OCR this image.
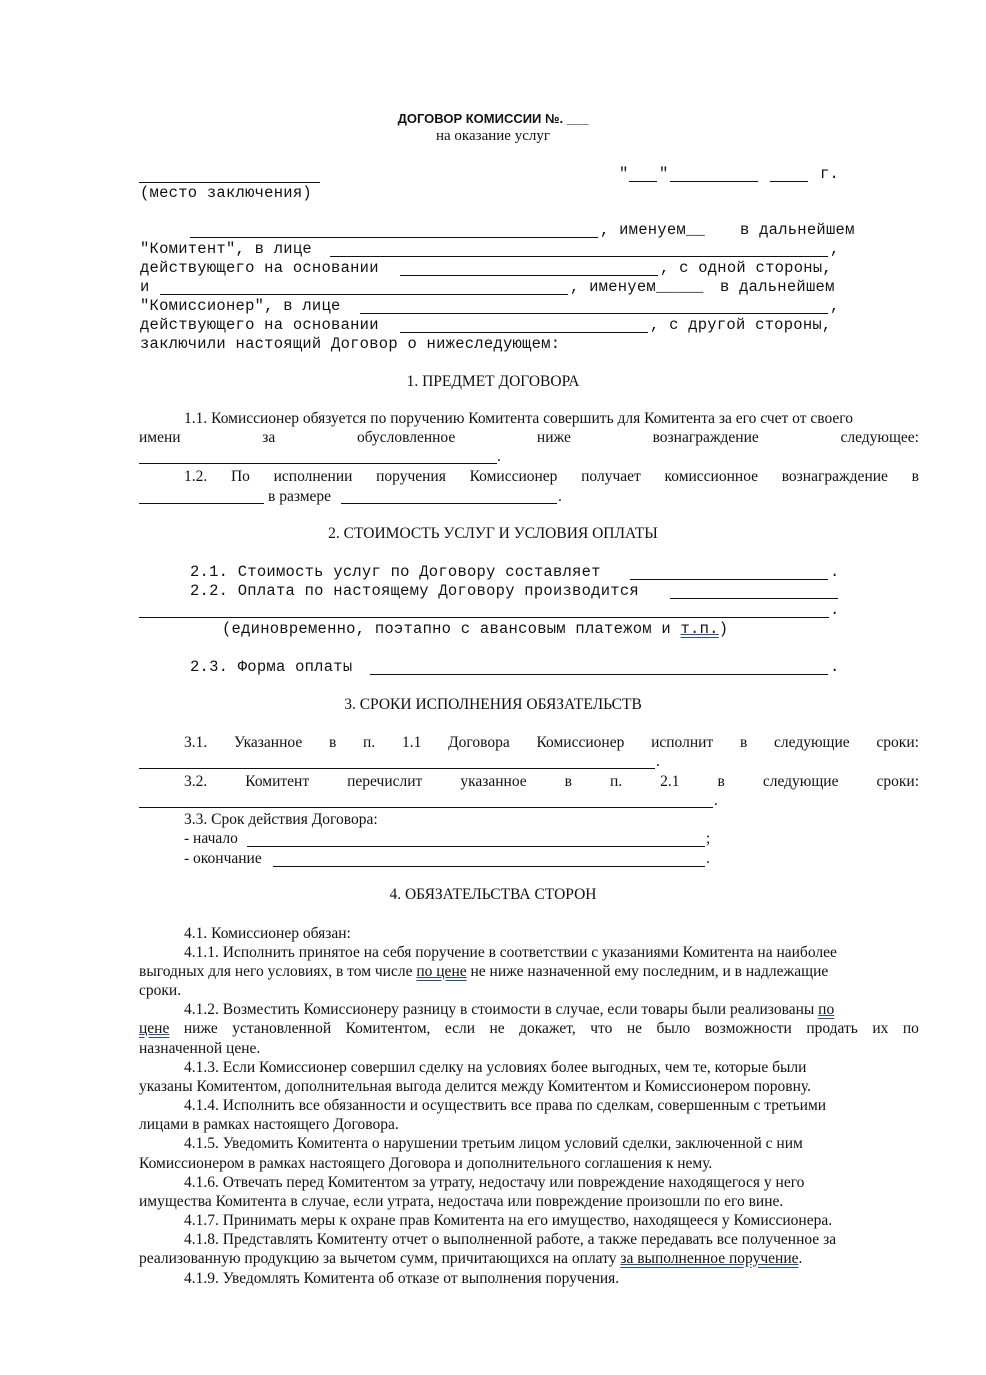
ДОГОВОР КОМИССИИ №. ___
на оказание услуг
" "	г.
(место заключения)
, именуем__ в дальнейшем
"Комитент", в лице	,
действующего на основании	, с одной стороны,
и	, именуем_____ в дальнейшем
"Комиссионер", в лице	,
действующего на основании	, с другой стороны,
заключили настоящий Договор о нижеследующем:
1. ПРЕДМЕТ ДОГОВОРА
1.1. Комиссионер обязуется по поручению Комитента совершить для Комитента за его счет от своего
имени	за	обусловленное	ниже	вознаграждение	следующее:
.
1.2. По исполнении поручения Комиссионер получает комиссионное вознаграждение в
в размере	.
2. СТОИМОСТЬ УСЛУГ И УСЛОВИЯ ОПЛАТЫ
2.1. Стоимость услуг по Договору составляет	.
2.2. Оплата по настоящему Договору производится
.
(единовременно, поэтапно с авансовым платежом и т.п.)
2.3. Форма оплаты	.
3. СРОКИ ИСПОЛНЕНИЯ ОБЯЗАТЕЛЬСТВ
3.1. Указанное в п. 1.1 Договора Комиссионер исполнит в следующие сроки:
.
3.2. Комитент перечислит указанное в п. 2.1 в следующие сроки:
.
3.3. Срок действия Договора:
- начало	;
- окончание	.
4. ОБЯЗАТЕЛЬСТВА СТОРОН
4.1. Комиссионер обязан:
4.1.1. Исполнить принятое на себя поручение в соответствии с указаниями Комитента на наиболее
выгодных для него условиях, в том числе по цене не ниже назначенной ему последним, и в надлежащие
сроки.
4.1.2. Возместить Комиссионеру разницу в стоимости в случае, если товары были реализованы по
цене ниже установленной Комитентом, если не докажет, что не было возможности продать их по
назначенной цене.
4.1.3. Если Комиссионер совершил сделку на условиях более выгодных, чем те, которые были
указаны Комитентом, дополнительная выгода делится между Комитентом и Комиссионером поровну.
4.1.4. Исполнить все обязанности и осуществить все права по сделкам, совершенным с третьими
лицами в рамках настоящего Договора.
4.1.5. Уведомить Комитента о нарушении третьим лицом условий сделки, заключенной с ним
Комиссионером в рамках настоящего Договора и дополнительного соглашения к нему.
4.1.6. Отвечать перед Комитентом за утрату, недостачу или повреждение находящегося у него
имущества Комитента в случае, если утрата, недостача или повреждение произошли по его вине.
4.1.7. Принимать меры к охране прав Комитента на его имущество, находящееся у Комиссионера.
4.1.8. Представлять Комитенту отчет о выполненной работе, а также передавать все полученное за
реализованную продукцию за вычетом сумм, причитающихся на оплату за выполненное поручение.
4.1.9. Уведомлять Комитента об отказе от выполнения поручения.
